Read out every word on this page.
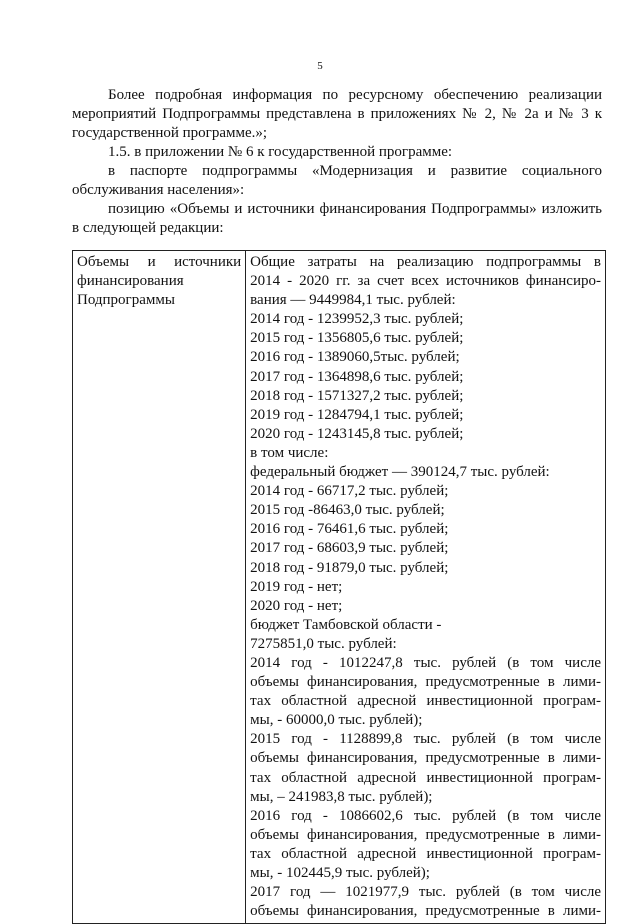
5

Более подробная информация по ресурсному обеспечению реализации мероприятий Подпрограммы представлена в приложениях № 2, № 2а и № 3 к государственной программе.»;

1.5. в приложении № 6 к государственной программе:

в паспорте подпрограммы «Модернизация и развитие социального обслуживания населения»:

позицию «Объемы и источники финансирования Подпрограммы» изложить в следующей редакции:

Объемы и источники финансирования Подпрограммы

Общие затраты на реализацию подпрограммы в
2014 - 2020 гг. за счет всех источников финансиро-
вания — 9449984,1 тыс. рублей:
2014 год - 1239952,3 тыс. рублей;
2015 год - 1356805,6 тыс. рублей;
2016 год - 1389060,5тыс. рублей;
2017 год - 1364898,6 тыс. рублей;
2018 год - 1571327,2 тыс. рублей;
2019 год - 1284794,1 тыс. рублей;
2020 год - 1243145,8 тыс. рублей;
в том числе:
федеральный бюджет — 390124,7 тыс. рублей:
2014 год - 66717,2 тыс. рублей;
2015 год -86463,0 тыс. рублей;
2016 год - 76461,6 тыс. рублей;
2017 год - 68603,9 тыс. рублей;
2018 год - 91879,0 тыс. рублей;
2019 год - нет;
2020 год - нет;
бюджет Тамбовской области -
7275851,0 тыс. рублей:
2014 год - 1012247,8 тыс. рублей (в том числе
объемы финансирования, предусмотренные в лими-
тах областной адресной инвестиционной програм-
мы, - 60000,0 тыс. рублей);
2015 год - 1128899,8 тыс. рублей (в том числе
объемы финансирования, предусмотренные в лими-
тах областной адресной инвестиционной програм-
мы, – 241983,8 тыс. рублей);
2016 год - 1086602,6 тыс. рублей (в том числе
объемы финансирования, предусмотренные в лими-
тах областной адресной инвестиционной програм-
мы, - 102445,9 тыс. рублей);
2017 год — 1021977,9 тыс. рублей (в том числе
объемы финансирования, предусмотренные в лими-
